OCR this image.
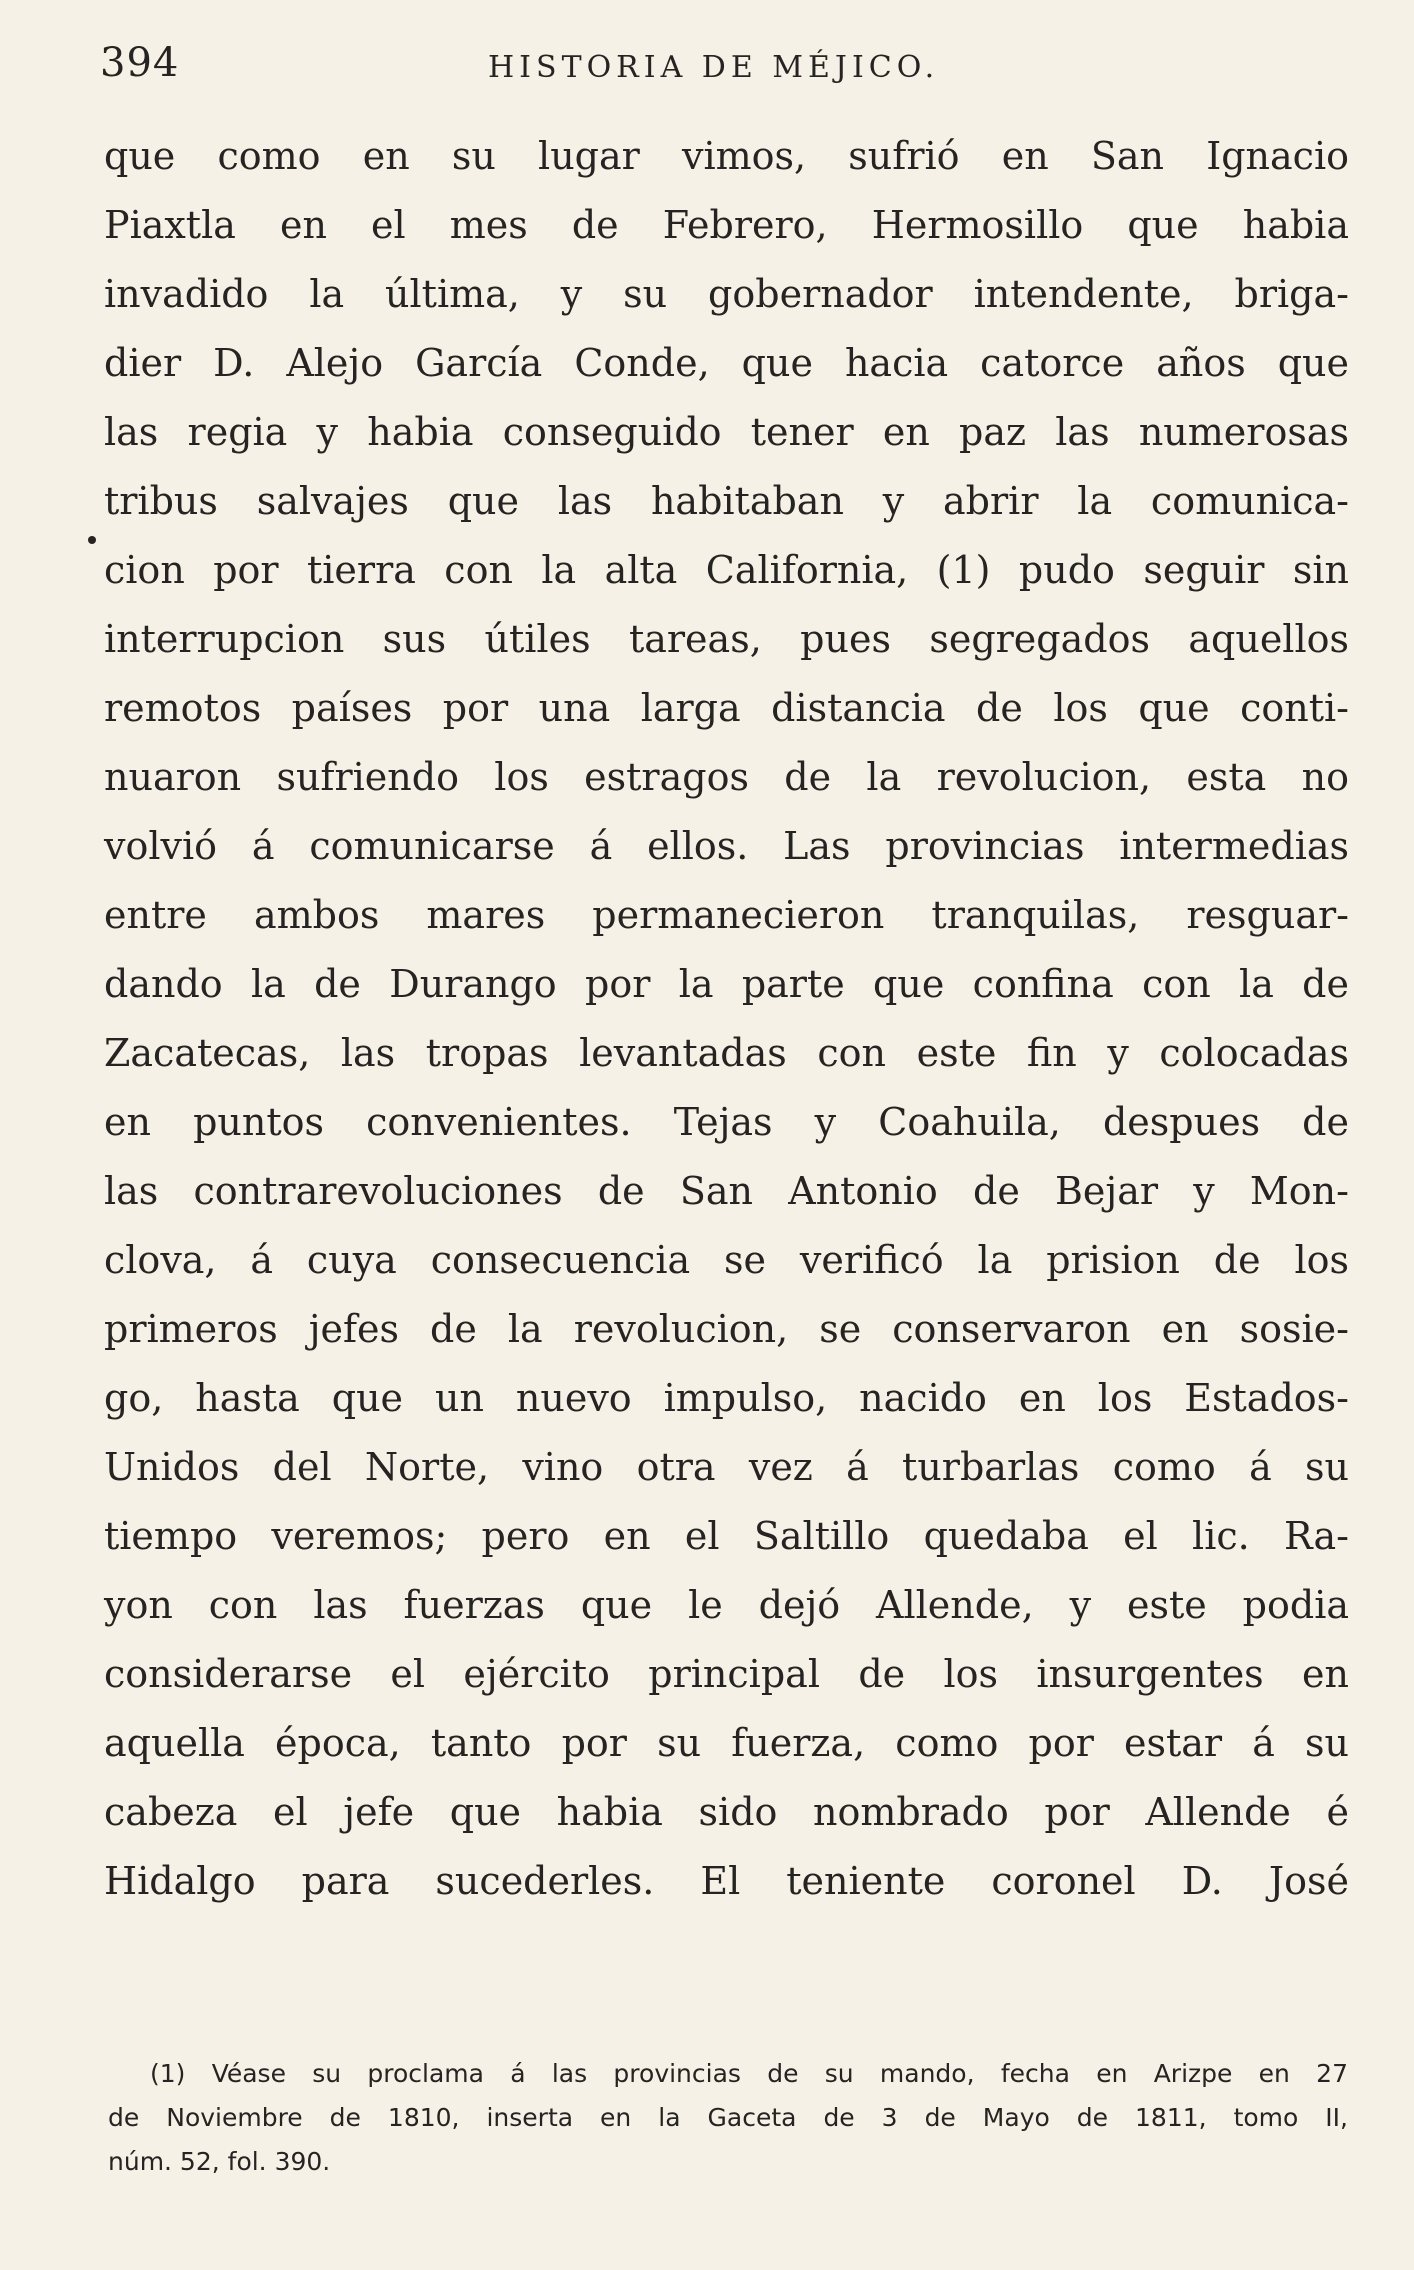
394	HISTORIA DE MÉJICO.
que como en su lugar vimos, sufrió en San Ignacio
Piaxtla en el mes de Febrero, Hermosillo que habia
invadido la última, y su gobernador intendente, briga-
dier D. Alejo García Conde, que hacia catorce años que
las regia y habia conseguido tener en paz las numerosas
tribus salvajes que las habitaban y abrir la comunica-
cion por tierra con la alta California, (1) pudo seguir sin
interrupcion sus útiles tareas, pues segregados aquellos
remotos países por una larga distancia de los que conti-
nuaron sufriendo los estragos de la revolucion, esta no
volvió á comunicarse á ellos. Las provincias intermedias
entre ambos mares permanecieron tranquilas, resguar-
dando la de Durango por la parte que confina con la de
Zacatecas, las tropas levantadas con este fin y colocadas
en puntos convenientes. Tejas y Coahuila, despues de
las contrarevoluciones de San Antonio de Bejar y Mon-
clova, á cuya consecuencia se verificó la prision de los
primeros jefes de la revolucion, se conservaron en sosie-
go, hasta que un nuevo impulso, nacido en los Estados-
Unidos del Norte, vino otra vez á turbarlas como á su
tiempo veremos; pero en el Saltillo quedaba el lic. Ra-
yon con las fuerzas que le dejó Allende, y este podia
considerarse el ejército principal de los insurgentes en
aquella época, tanto por su fuerza, como por estar á su
cabeza el jefe que habia sido nombrado por Allende é
Hidalgo para sucederles. El teniente coronel D. José
(1) Véase su proclama á las provincias de su mando, fecha en Arizpe en 27
de Noviembre de 1810, inserta en la Gaceta de 3 de Mayo de 1811, tomo II,
núm. 52, fol. 390.
